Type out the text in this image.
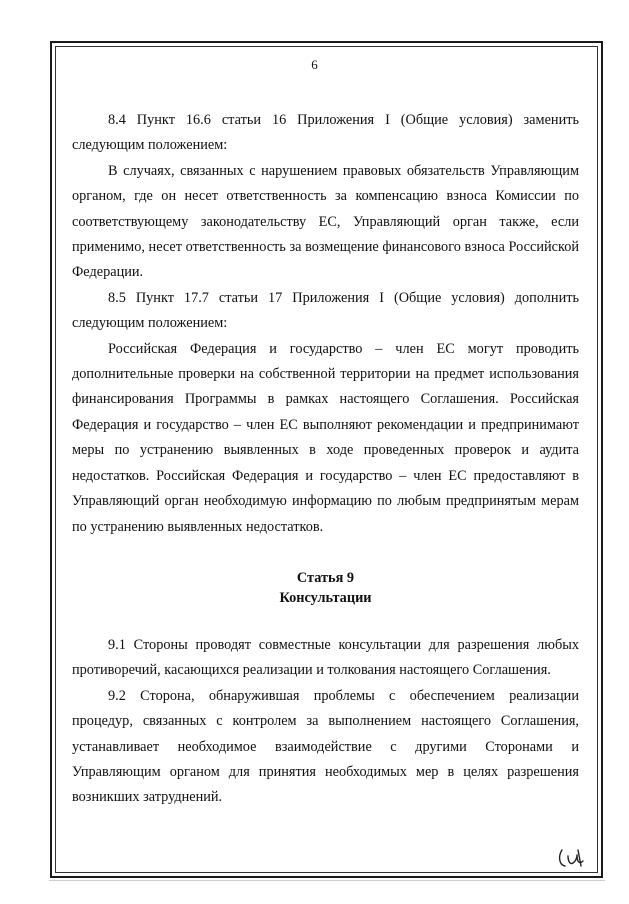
6

8.4 Пункт 16.6 статьи 16 Приложения I (Общие условия) заменить следующим положением:

В случаях, связанных с нарушением правовых обязательств Управляющим органом, где он несет ответственность за компенсацию взноса Комиссии по соответствующему законодательству ЕС, Управляющий орган также, если применимо, несет ответственность за возмещение финансового взноса Российской Федерации.

8.5 Пункт 17.7 статьи 17 Приложения I (Общие условия) дополнить следующим положением:

Российская Федерация и государство – член ЕС могут проводить дополнительные проверки на собственной территории на предмет использования финансирования Программы в рамках настоящего Соглашения. Российская Федерация и государство – член ЕС выполняют рекомендации и предпринимают меры по устранению выявленных в ходе проведенных проверок и аудита недостатков. Российская Федерация и государство – член ЕС предоставляют в Управляющий орган необходимую информацию по любым предпринятым мерам по устранению выявленных недостатков.

Статья 9
Консультации

9.1 Стороны проводят совместные консультации для разрешения любых противоречий, касающихся реализации и толкования настоящего Соглашения.

9.2 Сторона, обнаружившая проблемы с обеспечением реализации процедур, связанных с контролем за выполнением настоящего Соглашения, устанавливает необходимое взаимодействие с другими Сторонами и Управляющим органом для принятия необходимых мер в целях разрешения возникших затруднений.
